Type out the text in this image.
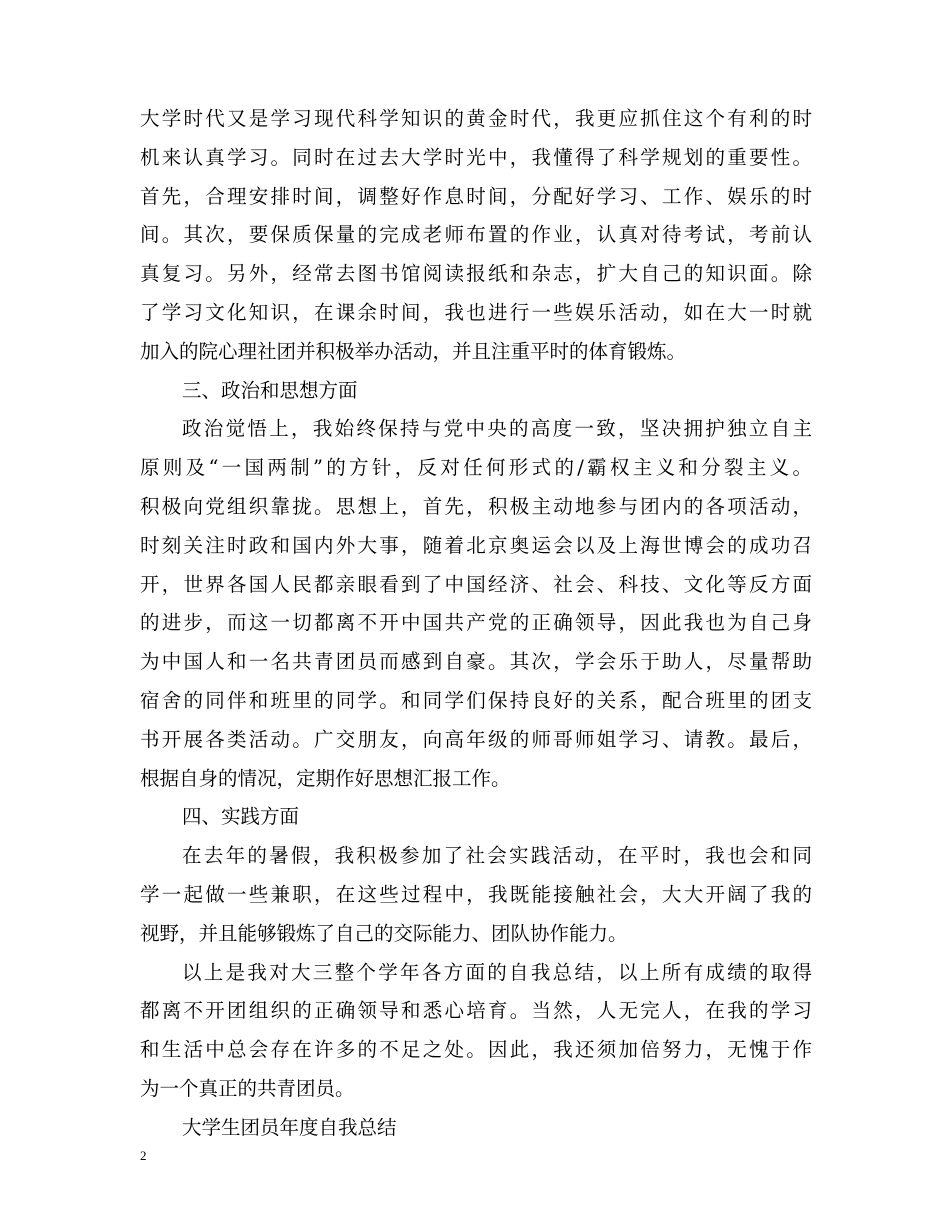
大学时代又是学习现代科学知识的黄金时代，我更应抓住这个有利的时
机来认真学习。同时在过去大学时光中，我懂得了科学规划的重要性。
首先，合理安排时间，调整好作息时间，分配好学习、工作、娱乐的时
间。其次，要保质保量的完成老师布置的作业，认真对待考试，考前认
真复习。另外，经常去图书馆阅读报纸和杂志，扩大自己的知识面。除
了学习文化知识，在课余时间，我也进行一些娱乐活动，如在大一时就
加入的院心理社团并积极举办活动，并且注重平时的体育锻炼。
三、政治和思想方面
政治觉悟上，我始终保持与党中央的高度一致，坚决拥护独立自主
原则及“一国两制”的方针，反对任何形式的/霸权主义和分裂主义。
积极向党组织靠拢。思想上，首先，积极主动地参与团内的各项活动，
时刻关注时政和国内外大事，随着北京奥运会以及上海世博会的成功召
开，世界各国人民都亲眼看到了中国经济、社会、科技、文化等反方面
的进步，而这一切都离不开中国共产党的正确领导，因此我也为自己身
为中国人和一名共青团员而感到自豪。其次，学会乐于助人，尽量帮助
宿舍的同伴和班里的同学。和同学们保持良好的关系，配合班里的团支
书开展各类活动。广交朋友，向高年级的师哥师姐学习、请教。最后，
根据自身的情况，定期作好思想汇报工作。
四、实践方面
在去年的暑假，我积极参加了社会实践活动，在平时，我也会和同
学一起做一些兼职，在这些过程中，我既能接触社会，大大开阔了我的
视野，并且能够锻炼了自己的交际能力、团队协作能力。
以上是我对大三整个学年各方面的自我总结，以上所有成绩的取得
都离不开团组织的正确领导和悉心培育。当然，人无完人，在我的学习
和生活中总会存在许多的不足之处。因此，我还须加倍努力，无愧于作
为一个真正的共青团员。
大学生团员年度自我总结
2
